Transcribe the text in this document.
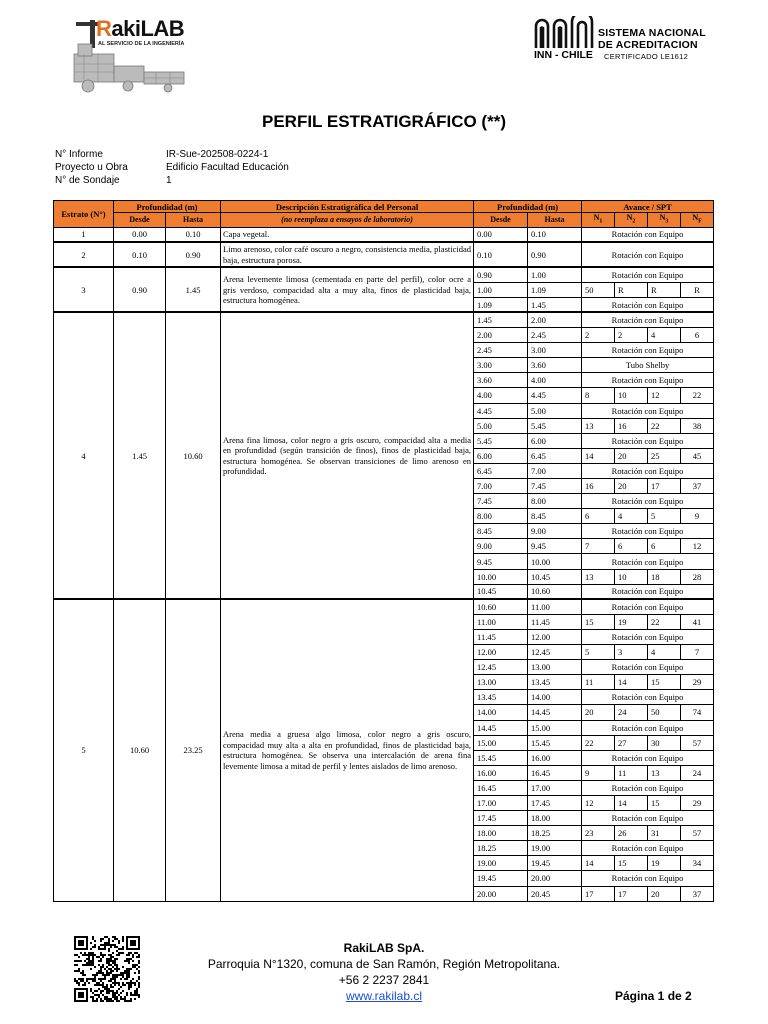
RakiLAB
AL SERVICIO DE LA INGENIERÍA
INN - CHILE
SISTEMA NACIONAL
DE ACREDITACION
CERTIFICADO LE1612
PERFIL ESTRATIGRÁFICO (**)
N° Informe	IR-Sue-202508-0224-1
Proyecto u Obra	Edificio Facultad Educación
N° de Sondaje	1
Estrato (N°)	Profundidad (m)		Descripción Estratigráfica del Personal	Profundidad (m)		Avance / SPT			
	Desde	Hasta	(no reemplaza a ensayos de laboratorio)	Desde	Hasta	$N_1$	$N_2$	$N_3$	$N_F$
1	0.00	0.10	Capa vegetal.	0.00	0.10	Rotación con Equipo			
2	0.10	0.90	Limo arenoso, color café oscuro a negro, consistencia media, plasticidad baja, estructura porosa.	0.10	0.90	Rotación con Equipo			
3	0.90	1.45	Arena levemente limosa (cementada en parte del perfil), color ocre a gris verdoso, compacidad alta a muy alta, finos de plasticidad baja, estructura homogénea.	0.90	1.00	Rotación con Equipo			
				1.00	1.09	50	R	R	R
				1.09	1.45	Rotación con Equipo			
4	1.45	10.60	Arena fina limosa, color negro a gris oscuro, compacidad alta a media en profundidad (según transición de finos), finos de plasticidad baja, estructura homogénea. Se observan transiciones de limo arenoso en profundidad.	1.45	2.00	Rotación con Equipo			
				2.00	2.45	2	2	4	6
				2.45	3.00	Rotación con Equipo			
				3.00	3.60	Tubo Shelby			
				3.60	4.00	Rotación con Equipo			
				4.00	4.45	8	10	12	22
				4.45	5.00	Rotación con Equipo			
				5.00	5.45	13	16	22	38
				5.45	6.00	Rotación con Equipo			
				6.00	6.45	14	20	25	45
				6.45	7.00	Rotación con Equipo			
				7.00	7.45	16	20	17	37
				7.45	8.00	Rotación con Equipo			
				8.00	8.45	6	4	5	9
				8.45	9.00	Rotación con Equipo			
				9.00	9.45	7	6	6	12
				9.45	10.00	Rotación con Equipo			
				10.00	10.45	13	10	18	28
				10.45	10.60	Rotación con Equipo			
5	10.60	23.25	Arena media a gruesa algo limosa, color negro a gris oscuro, compacidad muy alta a alta en profundidad, finos de plasticidad baja, estructura homogénea. Se observa una intercalación de arena fina levemente limosa a mitad de perfil y lentes aislados de limo arenoso.	10.60	11.00	Rotación con Equipo			
				11.00	11.45	15	19	22	41
				11.45	12.00	Rotación con Equipo			
				12.00	12.45	5	3	4	7
				12.45	13.00	Rotación con Equipo			
				13.00	13.45	11	14	15	29
				13.45	14.00	Rotación con Equipo			
				14.00	14.45	20	24	50	74
				14.45	15.00	Rotación con Equipo			
				15.00	15.45	22	27	30	57
				15.45	16.00	Rotación con Equipo			
				16.00	16.45	9	11	13	24
				16.45	17.00	Rotación con Equipo			
				17.00	17.45	12	14	15	29
				17.45	18.00	Rotación con Equipo			
				18.00	18.25	23	26	31	57
				18.25	19.00	Rotación con Equipo			
				19.00	19.45	14	15	19	34
				19.45	20.00	Rotación con Equipo			
				20.00	20.45	17	17	20	37
RakiLAB SpA.
Parroquia N°1320, comuna de San Ramón, Región Metropolitana.
+56 2 2237 2841
www.rakilab.cl	Página 1 de 2
